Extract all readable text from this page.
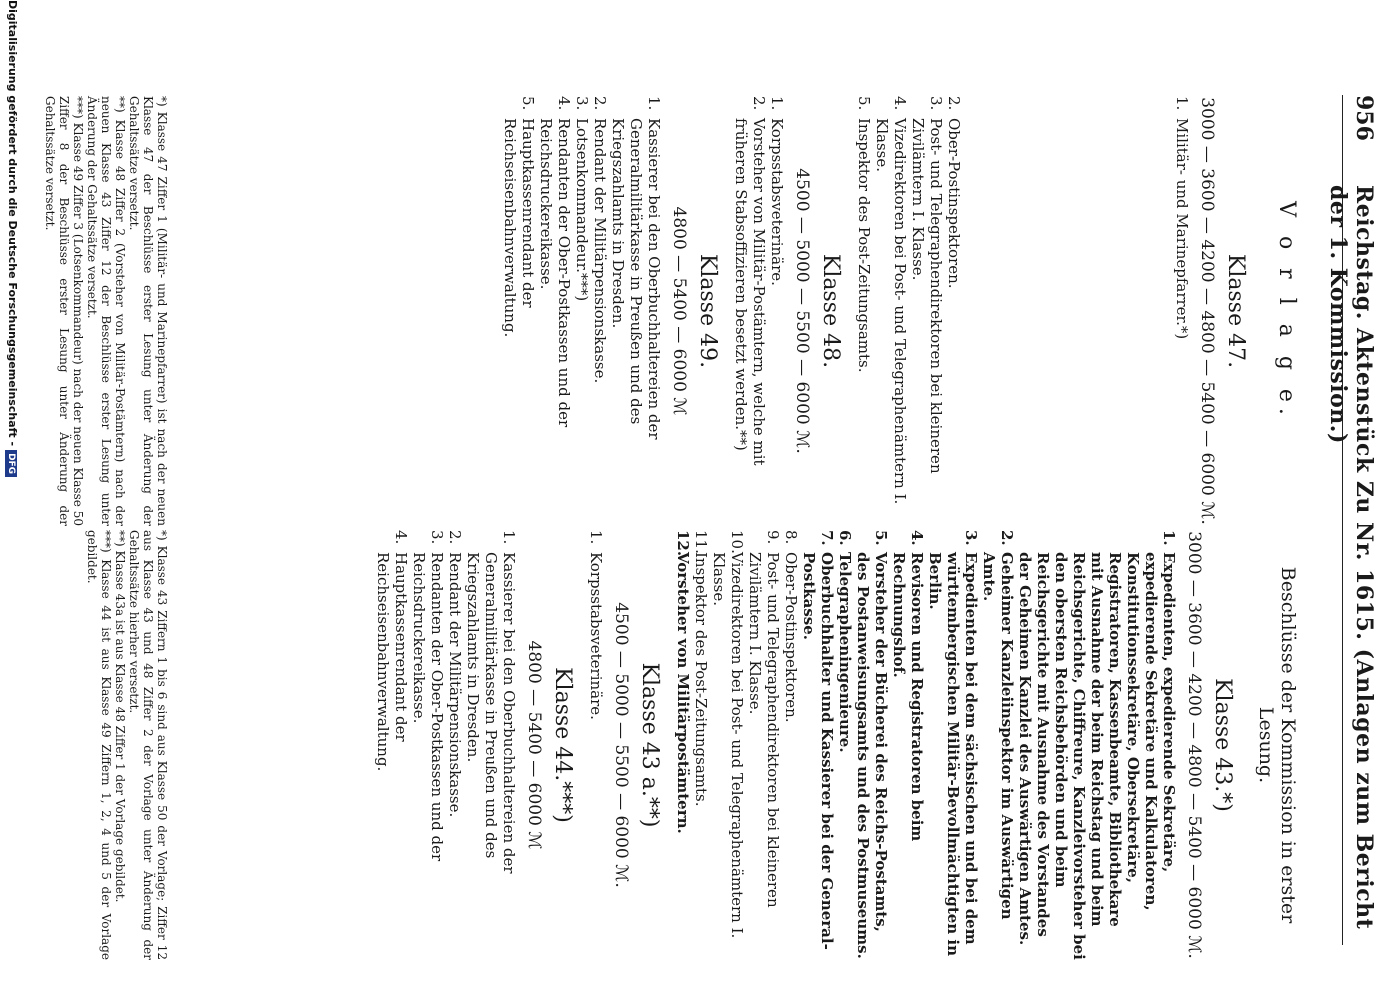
956
Reichstag. Aktenstück Zu Nr. 1615. (Anlagen zum Bericht der 1. Kommission.)

V o r l a g e.

Klasse 47.

3000 — 3600 — 4200 — 4800 — 5400 — 6000 ℳ.

1.Militär- und Marinepfarrer.*)

2.Ober-Postinspektoren.

3.Post- und Telegraphendirektoren bei kleineren Zivilämtern I. Klasse.

4.Vizedirektoren bei Post- und Telegraphenämtern I. Klasse.

5.Inspektor des Post-Zeitungsamts.

Klasse 48.

4500 — 5000 — 5500 — 6000 ℳ.

1.Korpsstabsveterinäre.

2.Vorsteher von Militär-Postämtern, welche mit früheren Stabsoffizieren besetzt werden.**)

Klasse 49.

4800 — 5400 — 6000 ℳ

1.Kassierer bei den Oberbuchhaltereien der Generalmilitärkasse in Preußen und des Kriegszahlamts in Dresden.

2.Rendant der Militärpensionskasse.

3.Lotsenkommandeur.***)

4.Rendanten der Ober-Postkassen und der Reichsdruckereikasse.

5.Hauptkassenrendant der Reichseisenbahnverwaltung.

*) Klasse 47 Ziffer 1 (Militär- und Marinepfarrer) ist nach der neuen Klasse 47 der Beschlüsse erster Lesung unter Änderung der Gehaltssätze versetzt.

**) Klasse 48 Ziffer 2 (Vorsteher von Militär-Postämtern) nach der neuen Klasse 43 Ziffer 12 der Beschlüsse erster Lesung unter Änderung der Gehaltssätze versetzt.

***) Klasse 49 Ziffer 3 (Lotsenkommandeur) nach der neuen Klasse 50 Ziffer 8 der Beschlüsse erster Lesung unter Änderung der Gehaltssätze versetzt.

Beschlüsse der Kommission in erster Lesung.

Klasse 43.*)

3000 — 3600 — 4200 — 4800 — 5400 — 6000 ℳ.

1.Expedienten, expedierende Sekretäre, expedierende Sekretäre und Kalkulatoren, Konstitutionssekretäre, Obersekretäre, Registratoren, Kassenbeamte, Bibliothekare mit Ausnahme der beim Reichstag und beim Reichsgerichte, Chiffreure, Kanzleivorsteher bei den obersten Reichsbehörden und beim Reichsgerichte mit Ausnahme des Vorstandes der Geheimen Kanzlei des Auswärtigen Amtes.

2.Geheimer Kanzleiinspektor im Auswärtigen Amte.

3.Expedienten bei dem sächsischen und bei dem württembergischen Militär-Bevollmächtigten in Berlin.

4.Revisoren und Registratoren beim Rechnungshof.

5.Vorsteher der Bücherei des Reichs-Postamts, des Postanweisungsamts und des Postmuseums.

6.Telegrapheningenieure.

7.Oberbuchhalter und Kassierer bei der General-Postkasse.

8.Ober-Postinspektoren.

9.Post- und Telegraphendirektoren bei kleineren Zivilämtern I. Klasse.

10.Vizedirektoren bei Post- und Telegraphenämtern I. Klasse.

11.Inspektor des Post-Zeitungsamts.

12.Vorsteher von Militärpostämtern.

Klasse 43 a.**)

4500 — 5000 — 5500 — 6000 ℳ.

1.Korpsstabsveterinäre.

Klasse 44.***)

4800 — 5400 — 6000 ℳ

1.Kassierer bei den Oberbuchhaltereien der Generalmilitärkasse in Preußen und des Kriegszahlamts in Dresden.

2.Rendant der Militärpensionskasse.

3.Rendanten der Ober-Postkassen und der Reichsdruckereikasse.

4.Hauptkassenrendant der Reichseisenbahnverwaltung.

*) Klasse 43 Ziffern 1 bis 6 sind aus Klasse 50 der Vorlage; Ziffer 12 aus Klasse 43 und 48 Ziffer 2 der Vorlage unter Änderung der Gehaltssätze hierher versetzt.

**) Klasse 43a ist aus Klasse 48 Ziffer 1 der Vorlage gebildet.

***) Klasse 44 ist aus Klasse 49 Ziffern 1, 2, 4 und 5 der Vorlage gebildet.

Digitalisierung gefördert durch die Deutsche Forschungsgemeinschaft -DFG
